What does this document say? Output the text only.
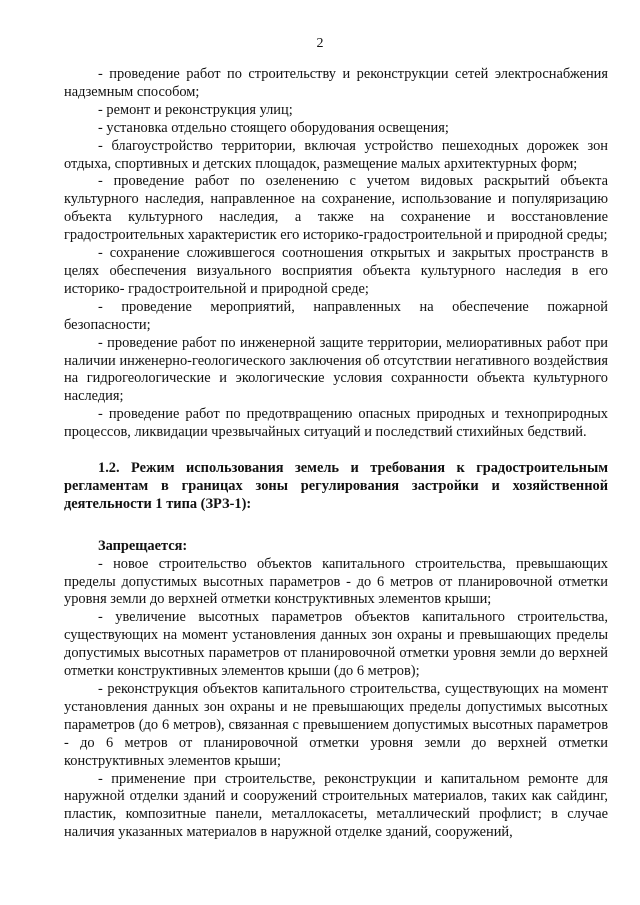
2

- проведение работ по строительству и реконструкции сетей электроснабжения надземным способом;

- ремонт и реконструкция улиц;

- установка отдельно стоящего оборудования освещения;

- благоустройство территории, включая устройство пешеходных дорожек зон отдыха, спортивных и детских площадок, размещение малых архитектурных форм;

- проведение работ по озеленению с учетом видовых раскрытий объекта культурного наследия, направленное на сохранение, использование и популяризацию объекта культурного наследия, а также на сохранение и восстановление градостроительных характеристик его историко-градостроительной и природной среды;

- сохранение сложившегося соотношения открытых и закрытых пространств в целях обеспечения визуального восприятия объекта культурного наследия в его историко- градостроительной и природной среде;

- проведение мероприятий, направленных на обеспечение пожарной безопасности;

- проведение работ по инженерной защите территории, мелиоративных работ при наличии инженерно-геологического заключения об отсутствии негативного воздействия на гидрогеологические и экологические условия сохранности объекта культурного наследия;

- проведение работ по предотвращению опасных природных и техноприродных процессов, ликвидации чрезвычайных ситуаций и последствий стихийных бедствий.

1.2. Режим использования земель и требования к градостроительным регламентам в границах зоны регулирования застройки и хозяйственной деятельности 1 типа (ЗРЗ-1):

Запрещается:

- новое строительство объектов капитального строительства, превышающих пределы допустимых высотных параметров - до 6 метров от планировочной отметки уровня земли до верхней отметки конструктивных элементов крыши;

- увеличение высотных параметров объектов капитального строительства, существующих на момент установления данных зон охраны и превышающих пределы допустимых высотных параметров от планировочной отметки уровня земли до верхней отметки конструктивных элементов крыши (до 6 метров);

- реконструкция объектов капитального строительства, существующих на момент установления данных зон охраны и не превышающих пределы допустимых высотных параметров (до 6 метров), связанная с превышением допустимых высотных параметров - до 6 метров от планировочной отметки уровня земли до верхней отметки конструктивных элементов крыши;

- применение при строительстве, реконструкции и капитальном ремонте для наружной отделки зданий и сооружений строительных материалов, таких как сайдинг, пластик, композитные панели, металлокасеты, металлический профлист; в случае наличия указанных материалов в наружной отделке зданий, сооружений,
